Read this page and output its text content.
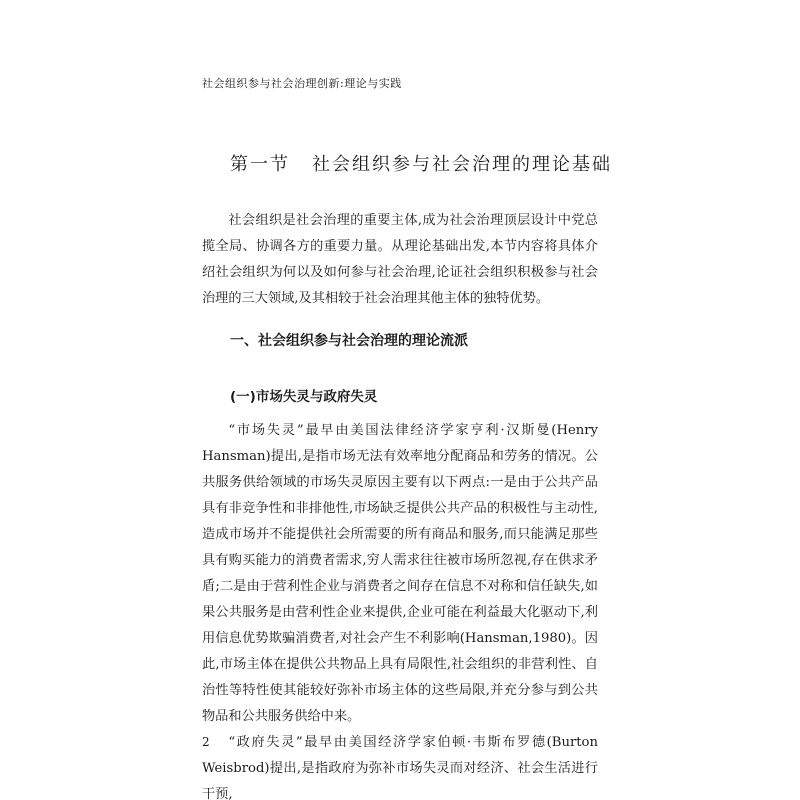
社会组织参与社会治理创新:理论与实践
第一节 社会组织参与社会治理的理论基础

社会组织是社会治理的重要主体,成为社会治理顶层设计中党总揽全局、协调各方的重要力量。从理论基础出发,本节内容将具体介绍社会组织为何以及如何参与社会治理,论证社会组织积极参与社会治理的三大领域,及其相较于社会治理其他主体的独特优势。

一、社会组织参与社会治理的理论流派
(一)市场失灵与政府失灵

“市场失灵”最早由美国法律经济学家亨利·汉斯曼(Henry Hansman)提出,是指市场无法有效率地分配商品和劳务的情况。公共服务供给领域的市场失灵原因主要有以下两点:一是由于公共产品具有非竞争性和非排他性,市场缺乏提供公共产品的积极性与主动性,造成市场并不能提供社会所需要的所有商品和服务,而只能满足那些具有购买能力的消费者需求,穷人需求往往被市场所忽视,存在供求矛盾;二是由于营利性企业与消费者之间存在信息不对称和信任缺失,如果公共服务是由营利性企业来提供,企业可能在利益最大化驱动下,利用信息优势欺骗消费者,对社会产生不利影响(Hansman,1980)。因此,市场主体在提供公共物品上具有局限性,社会组织的非营利性、自治性等特性使其能较好弥补市场主体的这些局限,并充分参与到公共物品和公共服务供给中来。

“政府失灵”最早由美国经济学家伯顿·韦斯布罗德(Burton Weisbrod)提出,是指政府为弥补市场失灵而对经济、社会生活进行干预,

2
